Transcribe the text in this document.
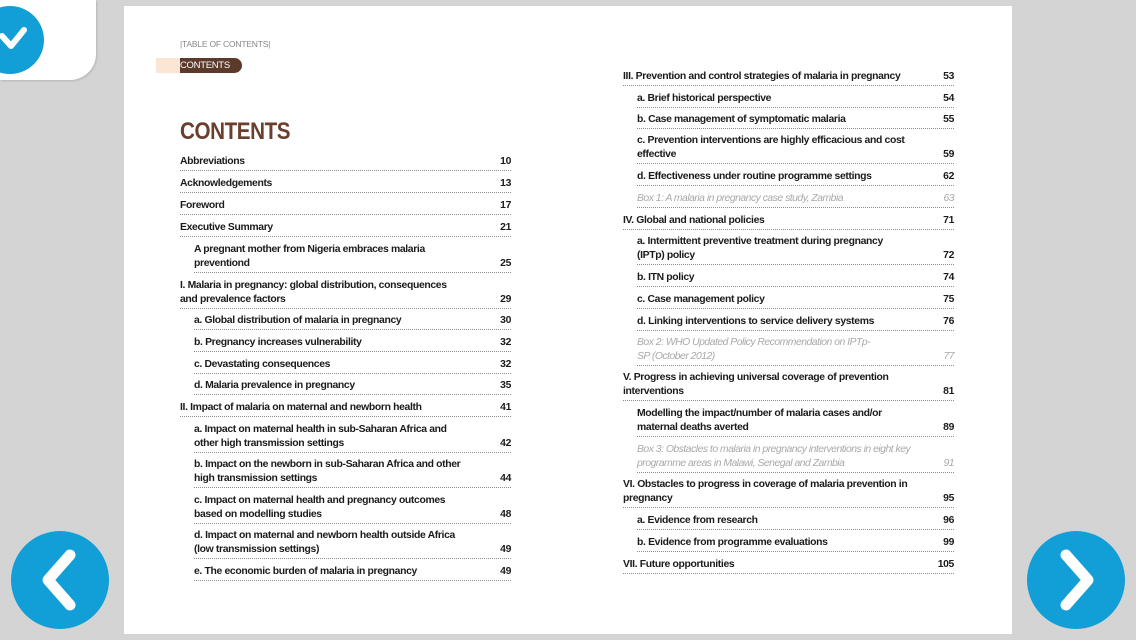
|TABLE OF CONTENTS|
CONTENTS
CONTENTS
Abbreviations	10
Acknowledgements	13
Foreword	17
Executive Summary	21
A pregnant mother from Nigeria embraces malaria preventiond	25
I. Malaria in pregnancy: global distribution, consequences and prevalence factors	29
a. Global distribution of malaria in pregnancy	30
b. Pregnancy increases vulnerability	32
c. Devastating consequences	32
d. Malaria prevalence in pregnancy	35
II. Impact of malaria on maternal and newborn health	41
a. Impact on maternal health in sub-Saharan Africa and other high transmission settings	42
b. Impact on the newborn in sub-Saharan Africa and other high transmission settings	44
c. Impact on maternal health and pregnancy outcomes based on modelling studies	48
d. Impact on maternal and newborn health outside Africa (low transmission settings)	49
e. The economic burden of malaria in pregnancy	49
III. Prevention and control strategies of malaria in pregnancy	53
a. Brief historical perspective	54
b. Case management of symptomatic malaria	55
c. Prevention interventions are highly efficacious and cost effective	59
d. Effectiveness under routine programme settings	62
Box 1: A malaria in pregnancy case study, Zambia	63
IV. Global and national policies	71
a. Intermittent preventive treatment during pregnancy (IPTp) policy	72
b. ITN policy	74
c. Case management policy	75
d. Linking interventions to service delivery systems	76
Box 2: WHO Updated Policy Recommendation on IPTp-SP (October 2012)	77
V. Progress in achieving universal coverage of prevention interventions	81
Modelling the impact/number of malaria cases and/or maternal deaths averted	89
Box 3: Obstacles to malaria in pregnancy interventions in eight key programme areas in Malawi, Senegal and Zambia	91
VI. Obstacles to progress in coverage of malaria prevention in pregnancy	95
a. Evidence from research	96
b. Evidence from programme evaluations	99
VII. Future opportunities	105
